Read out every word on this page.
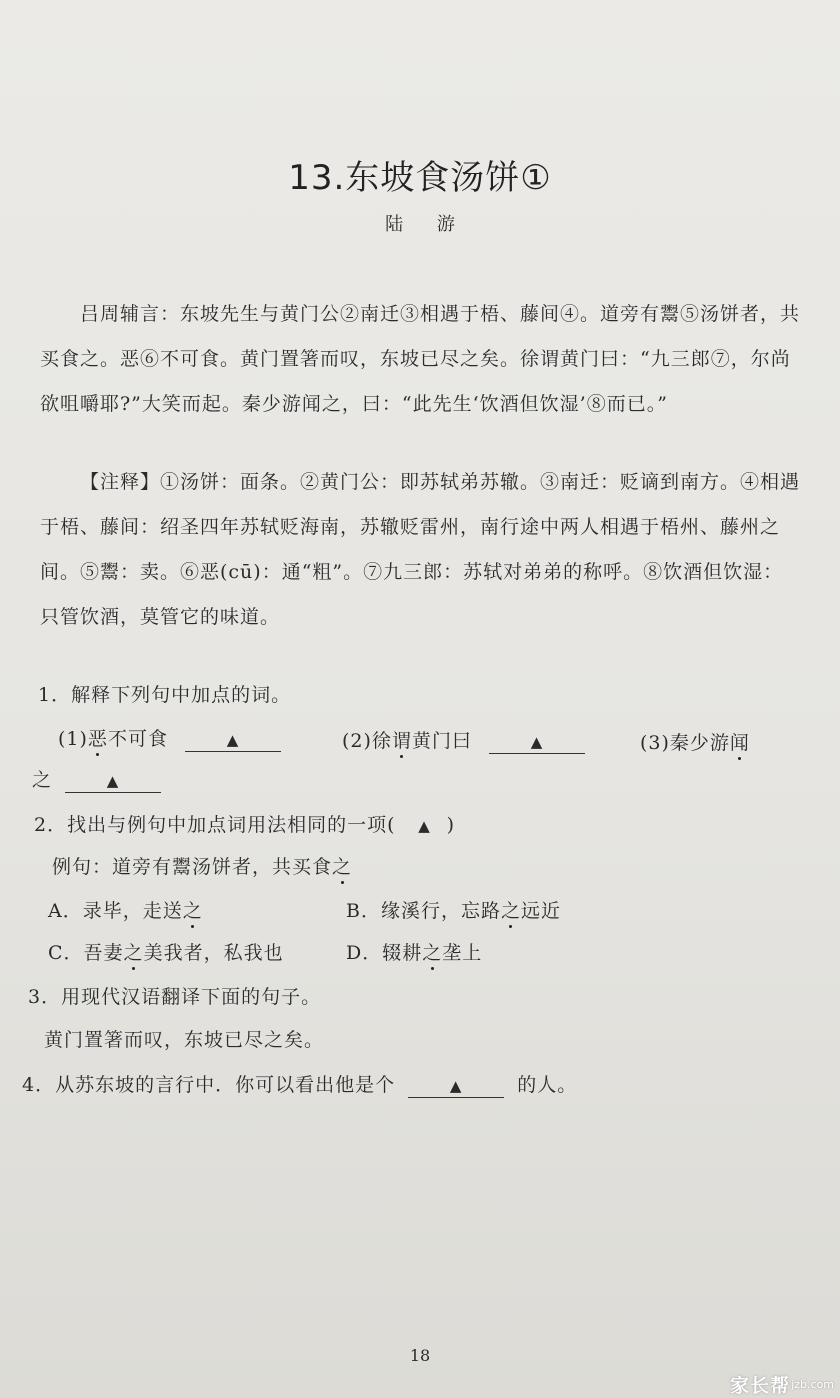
13.东坡食汤饼①
陆 游
吕周辅言：东坡先生与黄门公②南迁③相遇于梧、藤间④。道旁有鬻⑤汤饼者，共买食之。恶⑥不可食。黄门置箸而叹，东坡已尽之矣。徐谓黄门曰：“九三郎⑦，尔尚欲咀嚼耶?”大笑而起。秦少游闻之，曰：“此先生‘饮酒但饮湿’⑧而已。”
【注释】①汤饼：面条。②黄门公：即苏轼弟苏辙。③南迁：贬谪到南方。④相遇于梧、藤间：绍圣四年苏轼贬海南，苏辙贬雷州，南行途中两人相遇于梧州、藤州之间。⑤鬻：卖。⑥恶(cū)：通“粗”。⑦九三郎：苏轼对弟弟的称呼。⑧饮酒但饮湿：只管饮酒，莫管它的味道。
1．解释下列句中加点的词。
(1)恶不可食	▲	(2)徐谓黄门曰	▲	(3)秦少游闻
之	▲
2．找出与例句中加点词用法相同的一项( ▲ )
例句：道旁有鬻汤饼者，共买食之
A．录毕，走送之	B．缘溪行，忘路之远近
C．吾妻之美我者，私我也	D．辍耕之垄上
3．用现代汉语翻译下面的句子。
黄门置箸而叹，东坡已尽之矣。
4．从苏东坡的言行中．你可以看出他是个	▲	的人。
18
家长帮 jzb.com
